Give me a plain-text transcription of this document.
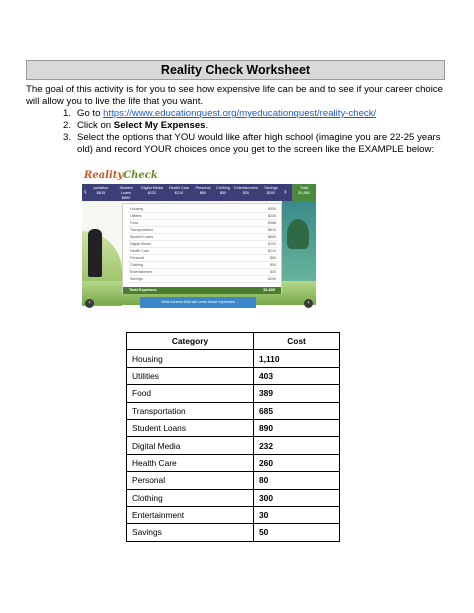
Reality Check Worksheet

The goal of this activity is for you to see how expensive life can be and to see if your career choice will allow you to live the life that you want.

1. Go to https://www.educationquest.org/myeducationquest/reality-check/
2. Click on Select My Expenses.
3. Select the options that YOU would like after high school (imagine you are 22-25 years old) and record YOUR choices once you get to the screen like the EXAMPLE below:
RealityCheck
‹	portation
$615
Student Loans
$890
Digital Media
$132
Health Care
$210
Personal
$80
Clothing
$50
Entertainment
$30
Savings
$200	›	Total
$1,880
Housing	$555
Utilities	$236
Food	$388
Transportation	$615
Student Loans	$890
Digital Media	$132
Health Care	$210
Personal	$80
Clothing	$50
Entertainment	$30
Savings	$200
Total Expenses	$1,880
View careers that will cover these expenses
‹	›
Category	Cost
Housing	1,110
Utilities	403
Food	389
Transportation	685
Student Loans	890
Digital Media	232
Health Care	260
Personal	80
Clothing	300
Entertainment	30
Savings	50
